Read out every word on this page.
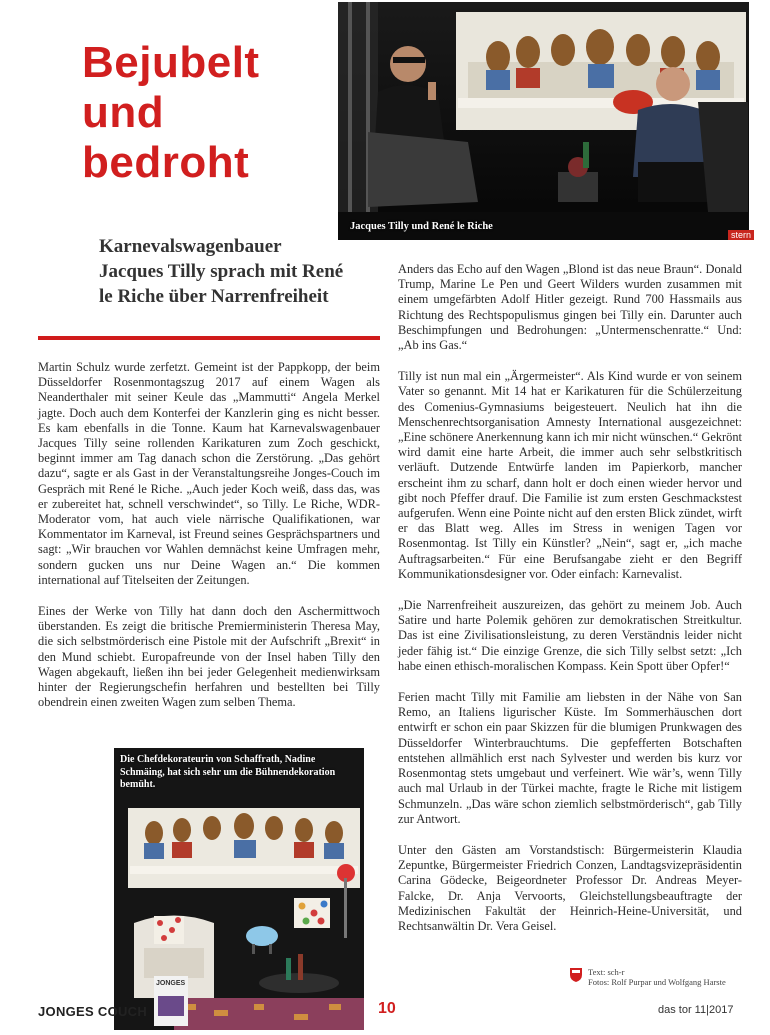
Jacques Tilly und René le Riche
stern
Bejubelt
und
bedroht
Karnevalswagenbauer Jacques Tilly sprach mit René le Riche über Narrenfreiheit

Martin Schulz wurde zerfetzt. Gemeint ist der Pappkopp, der beim Düsseldorfer Rosenmontagszug 2017 auf einem Wagen als Neanderthaler mit seiner Keule das „Mammutti“ Angela Merkel jagte. Doch auch dem Konterfei der Kanzlerin ging es nicht besser. Es kam ebenfalls in die Tonne. Kaum hat Karnevalswagenbauer Jacques Tilly seine rollenden Karikaturen zum Zoch geschickt, beginnt immer am Tag danach schon die Zerstörung. „Das gehört dazu“, sagte er als Gast in der Veranstaltungsreihe Jonges-Couch im Gespräch mit René le Riche. „Auch jeder Koch weiß, dass das, was er zubereitet hat, schnell verschwindet“, so Tilly. Le Riche, WDR-Moderator vom, hat auch viele närrische Qualifikationen, war Kommentator im Karneval, ist Freund seines Gesprächspartners und sagt: „Wir brauchen vor Wahlen demnächst keine Umfragen mehr, sondern gucken uns nur Deine Wagen an.“ Die kommen international auf Titelseiten der Zeitungen.

Eines der Werke von Tilly hat dann doch den Aschermittwoch überstanden. Es zeigt die britische Premierministerin Theresa May, die sich selbstmörderisch eine Pistole mit der Aufschrift „Brexit“ in den Mund schiebt. Europafreunde von der Insel haben Tilly den Wagen abgekauft, ließen ihn bei jeder Gelegenheit medienwirksam hinter der Regierungschefin herfahren und bestellten bei Tilly obendrein einen zweiten Wagen zum selben Thema.

Anders das Echo auf den Wagen „Blond ist das neue Braun“. Donald Trump, Marine Le Pen und Geert Wilders wurden zusammen mit einem umgefärbten Adolf Hitler gezeigt. Rund 700 Hassmails aus Richtung des Rechtspopulismus gingen bei Tilly ein. Darunter auch Beschimpfungen und Bedrohungen: „Untermenschenratte.“ Und: „Ab ins Gas.“

Tilly ist nun mal ein „Ärgermeister“. Als Kind wurde er von seinem Vater so genannt. Mit 14 hat er Karikaturen für die Schülerzeitung des Comenius-Gymnasiums beigesteuert. Neulich hat ihn die Menschenrechtsorganisation Amnesty International ausgezeichnet: „Eine schönere Anerkennung kann ich mir nicht wünschen.“ Gekrönt wird damit eine harte Arbeit, die immer auch sehr selbstkritisch verläuft. Dutzende Entwürfe landen im Papierkorb, mancher erscheint ihm zu scharf, dann holt er doch einen wieder hervor und gibt noch Pfeffer drauf. Die Familie ist zum ersten Geschmackstest aufgerufen. Wenn eine Pointe nicht auf den ersten Blick zündet, wirft er das Blatt weg. Alles im Stress in wenigen Tagen vor Rosenmontag. Ist Tilly ein Künstler? „Nein“, sagt er, „ich mache Auftragsarbeiten.“ Für eine Berufsangabe zieht er den Begriff Kommunikationsdesigner vor. Oder einfach: Karnevalist.

„Die Narrenfreiheit auszureizen, das gehört zu meinem Job. Auch Satire und harte Polemik gehören zur demokratischen Streitkultur. Das ist eine Zivilisationsleistung, zu deren Verständnis leider nicht jeder fähig ist.“ Die einzige Grenze, die sich Tilly selbst setzt: „Ich habe einen ethisch-moralischen Kompass. Kein Spott über Opfer!“

Ferien macht Tilly mit Familie am liebsten in der Nähe von San Remo, an Italiens ligurischer Küste. Im Sommerhäuschen dort entwirft er schon ein paar Skizzen für die blumigen Prunkwagen des Düsseldorfer Winterbrauchtums. Die gepfefferten Botschaften entstehen allmählich erst nach Sylvester und werden bis kurz vor Rosenmontag stets umgebaut und verfeinert. Wie wär’s, wenn Tilly auch mal Urlaub in der Türkei machte, fragte le Riche mit listigem Schmunzeln. „Das wäre schon ziemlich selbstmörderisch“, gab Tilly zur Antwort.

Unter den Gästen am Vorstandstisch: Bürgermeisterin Klaudia Zepuntke, Bürgermeister Friedrich Conzen, Landtagsvizepräsidentin Carina Gödecke, Beigeordneter Professor Dr. Andreas Meyer-Falcke, Dr. Anja Vervoorts, Gleichstellungsbeauftragte der Medizinischen Fakultät der Heinrich-Heine-Universität, und Rechtsanwältin Dr. Vera Geisel.

Die Chefdekorateurin von Schaffrath, Nadine Schmäing, hat sich sehr um die Bühnendekoration bemüht.
JONGES
Text: sch-r
Fotos: Rolf Purpar und Wolfgang Harste
JONGES COUCH	10	das tor 11|2017
